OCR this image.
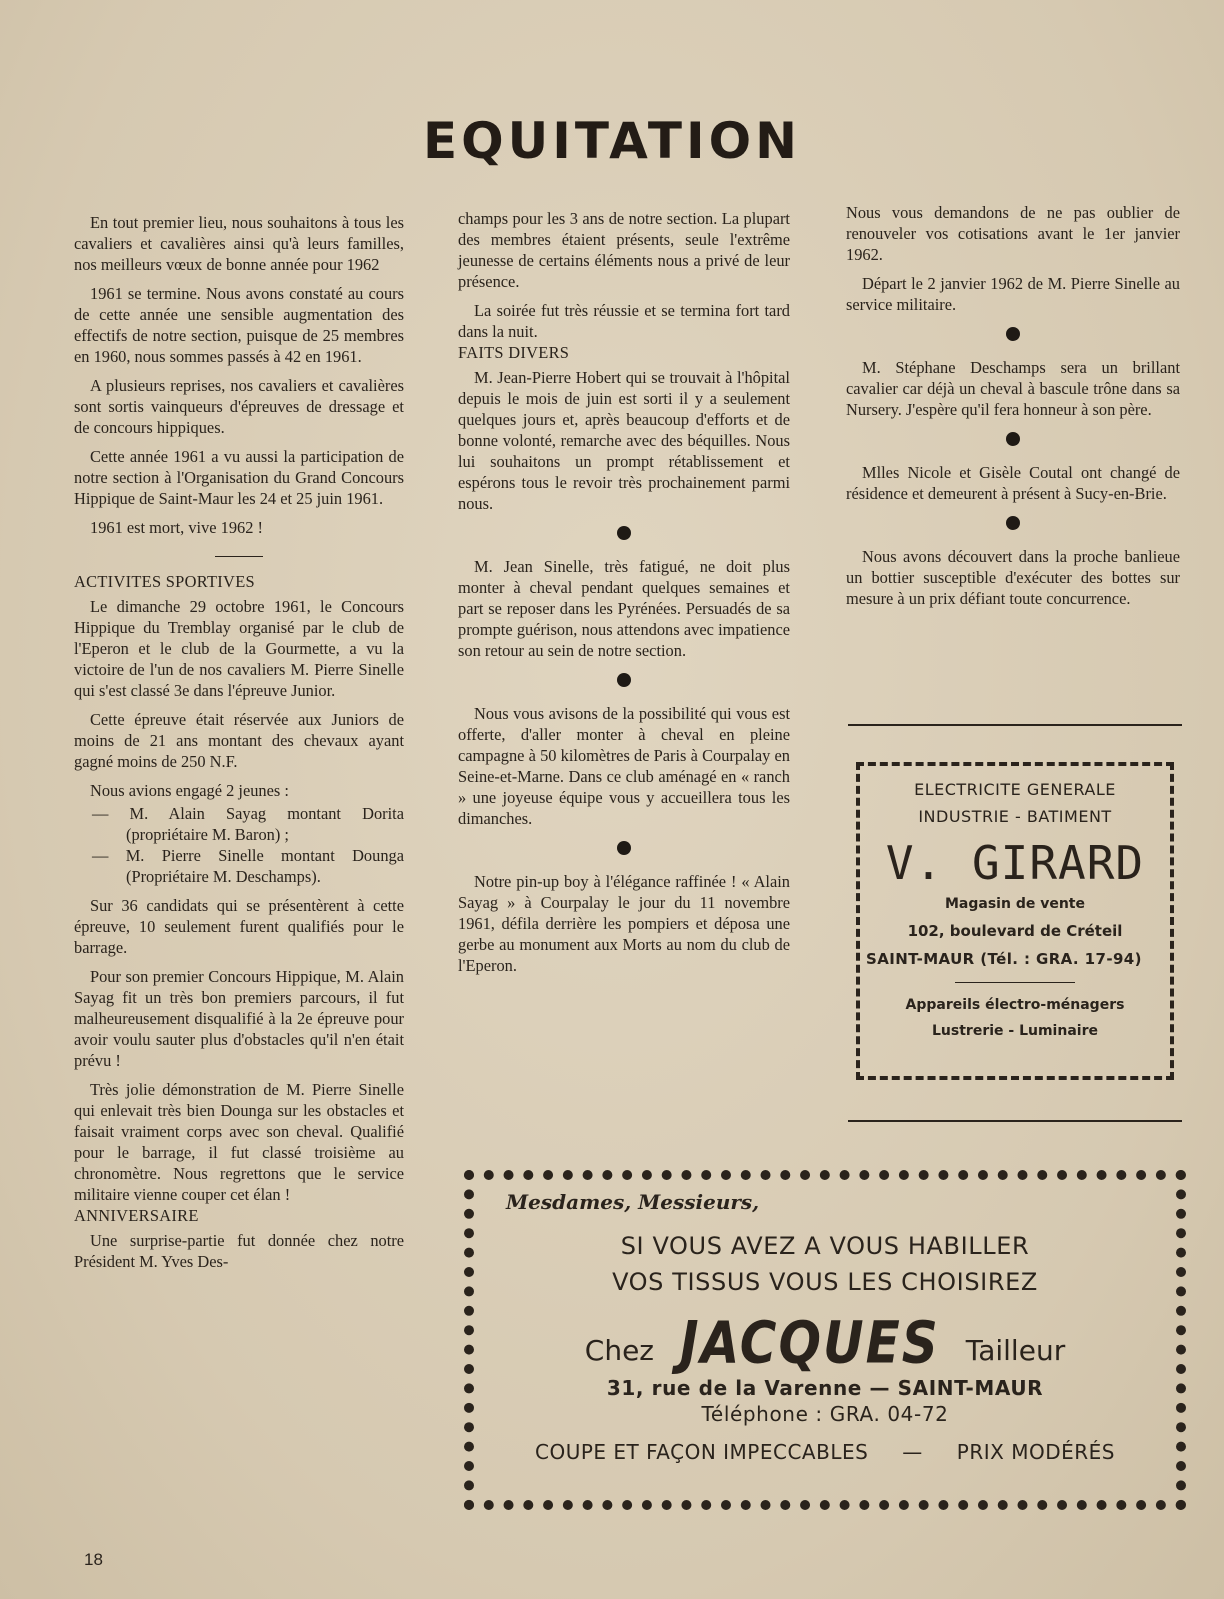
EQUITATION

En tout premier lieu, nous souhaitons à tous les cavaliers et cavalières ainsi qu'à leurs familles, nos meilleurs vœux de bonne année pour 1962

1961 se termine. Nous avons constaté au cours de cette année une sensible augmentation des effectifs de notre section, puisque de 25 membres en 1960, nous sommes passés à 42 en 1961.

A plusieurs reprises, nos cavaliers et cavalières sont sortis vainqueurs d'épreuves de dressage et de concours hippiques.

Cette année 1961 a vu aussi la participation de notre section à l'Organisation du Grand Concours Hippique de Saint-Maur les 24 et 25 juin 1961.

1961 est mort, vive 1962 !

ACTIVITES SPORTIVES

Le dimanche 29 octobre 1961, le Concours Hippique du Tremblay organisé par le club de l'Eperon et le club de la Gourmette, a vu la victoire de l'un de nos cavaliers M. Pierre Sinelle qui s'est classé 3e dans l'épreuve Junior.

Cette épreuve était réservée aux Juniors de moins de 21 ans montant des chevaux ayant gagné moins de 250 N.F.

Nous avions engagé 2 jeunes :

— M. Alain Sayag montant Dorita (propriétaire M. Baron) ;

— M. Pierre Sinelle montant Dounga (Propriétaire M. Deschamps).

Sur 36 candidats qui se présentèrent à cette épreuve, 10 seulement furent qualifiés pour le barrage.

Pour son premier Concours Hippique, M. Alain Sayag fit un très bon premiers parcours, il fut malheureusement disqualifié à la 2e épreuve pour avoir voulu sauter plus d'obstacles qu'il n'en était prévu !

Très jolie démonstration de M. Pierre Sinelle qui enlevait très bien Dounga sur les obstacles et faisait vraiment corps avec son cheval. Qualifié pour le barrage, il fut classé troisième au chronomètre. Nous regrettons que le service militaire vienne couper cet élan !

ANNIVERSAIRE

Une surprise-partie fut donnée chez notre Président M. Yves Des-

champs pour les 3 ans de notre section. La plupart des membres étaient présents, seule l'extrême jeunesse de certains éléments nous a privé de leur présence.

La soirée fut très réussie et se termina fort tard dans la nuit.

FAITS DIVERS

M. Jean-Pierre Hobert qui se trouvait à l'hôpital depuis le mois de juin est sorti il y a seulement quelques jours et, après beaucoup d'efforts et de bonne volonté, remarche avec des béquilles. Nous lui souhaitons un prompt rétablissement et espérons tous le revoir très prochainement parmi nous.

M. Jean Sinelle, très fatigué, ne doit plus monter à cheval pendant quelques semaines et part se reposer dans les Pyrénées. Persuadés de sa prompte guérison, nous attendons avec impatience son retour au sein de notre section.

Nous vous avisons de la possibilité qui vous est offerte, d'aller monter à cheval en pleine campagne à 50 kilomètres de Paris à Courpalay en Seine-et-Marne. Dans ce club aménagé en « ranch » une joyeuse équipe vous y accueillera tous les dimanches.

Notre pin-up boy à l'élégance raffinée ! « Alain Sayag » à Courpalay le jour du 11 novembre 1961, défila derrière les pompiers et déposa une gerbe au monument aux Morts au nom du club de l'Eperon.

Nous vous demandons de ne pas oublier de renouveler vos cotisations avant le 1er janvier 1962.

Départ le 2 janvier 1962 de M. Pierre Sinelle au service militaire.

M. Stéphane Deschamps sera un brillant cavalier car déjà un cheval à bascule trône dans sa Nursery. J'espère qu'il fera honneur à son père.

Mlles Nicole et Gisèle Coutal ont changé de résidence et demeurent à présent à Sucy-en-Brie.

Nous avons découvert dans la proche banlieue un bottier susceptible d'exécuter des bottes sur mesure à un prix défiant toute concurrence.

ELECTRICITE GENERALE
INDUSTRIE - BATIMENT
V. GIRARD
Magasin de vente
102, boulevard de Créteil
SAINT-MAUR (Tél. : GRA. 17-94)
Appareils électro-ménagers
Lustrerie - Luminaire
Mesdames, Messieurs,
SI VOUS AVEZ A VOUS HABILLER
VOS TISSUS VOUS LES CHOISIREZ
Chez JACQUES Tailleur
31, rue de la Varenne — SAINT-MAUR
Téléphone : GRA. 04-72
COUPE ET FAÇON IMPECCABLES — PRIX MODÉRÉS
18
